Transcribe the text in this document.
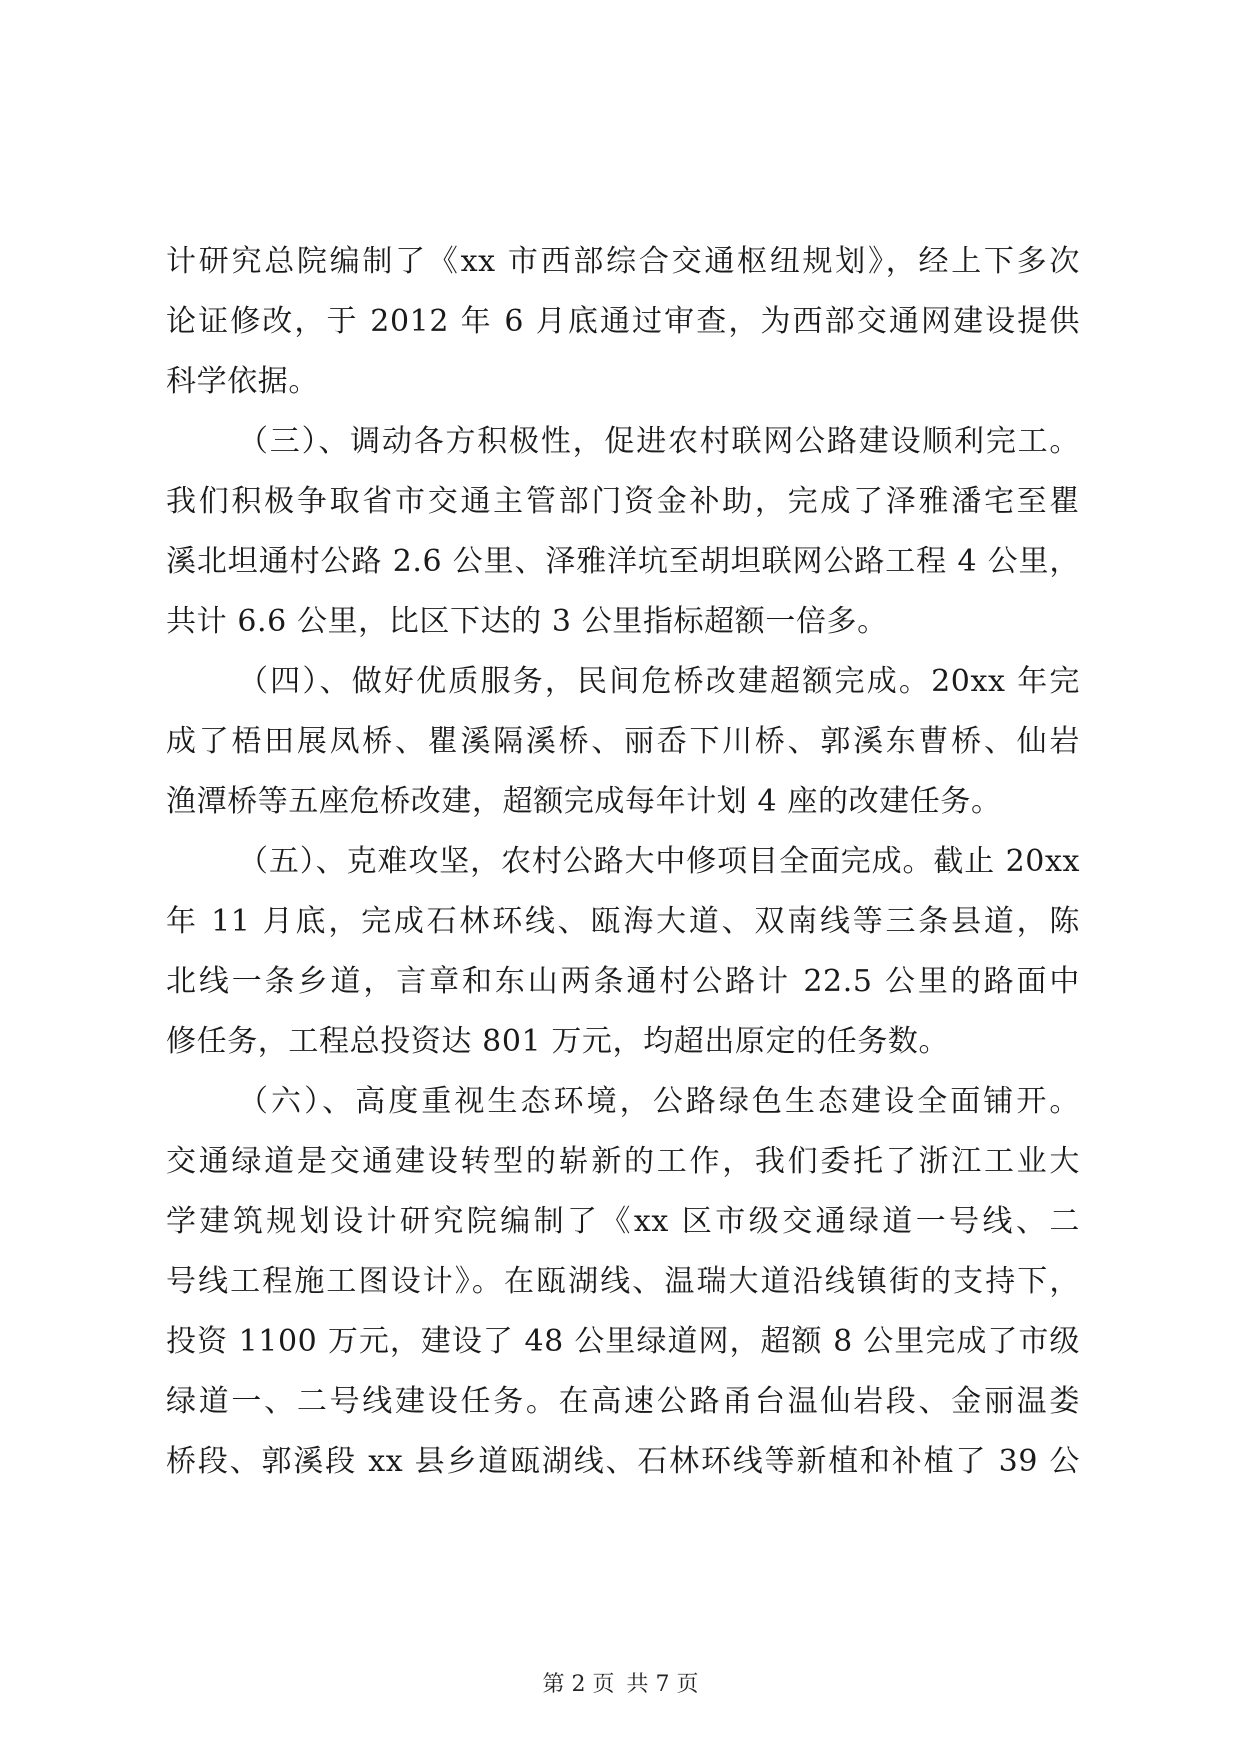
计研究总院编制了《xx 市西部综合交通枢纽规划》，经上下多次
论证修改，于 2012 年 6 月底通过审查，为西部交通网建设提供
科学依据。
（三）、调动各方积极性，促进农村联网公路建设顺利完工。
我们积极争取省市交通主管部门资金补助，完成了泽雅潘宅至瞿
溪北坦通村公路 2.6 公里、泽雅洋坑至胡坦联网公路工程 4 公里，
共计 6.6 公里，比区下达的 3 公里指标超额一倍多。
（四）、做好优质服务，民间危桥改建超额完成。20xx 年完
成了梧田展凤桥、瞿溪隔溪桥、丽岙下川桥、郭溪东曹桥、仙岩
渔潭桥等五座危桥改建，超额完成每年计划 4 座的改建任务。
（五）、克难攻坚，农村公路大中修项目全面完成。截止 20xx
年 11 月底，完成石林环线、瓯海大道、双南线等三条县道，陈
北线一条乡道，言章和东山两条通村公路计 22.5 公里的路面中
修任务，工程总投资达 801 万元，均超出原定的任务数。
（六）、高度重视生态环境，公路绿色生态建设全面铺开。
交通绿道是交通建设转型的崭新的工作，我们委托了浙江工业大
学建筑规划设计研究院编制了《xx 区市级交通绿道一号线、二
号线工程施工图设计》。在瓯湖线、温瑞大道沿线镇街的支持下，
投资 1100 万元，建设了 48 公里绿道网，超额 8 公里完成了市级
绿道一、二号线建设任务。在高速公路甬台温仙岩段、金丽温娄
桥段、郭溪段 xx 县乡道瓯湖线、石林环线等新植和补植了 39 公
第 2 页 共 7 页
